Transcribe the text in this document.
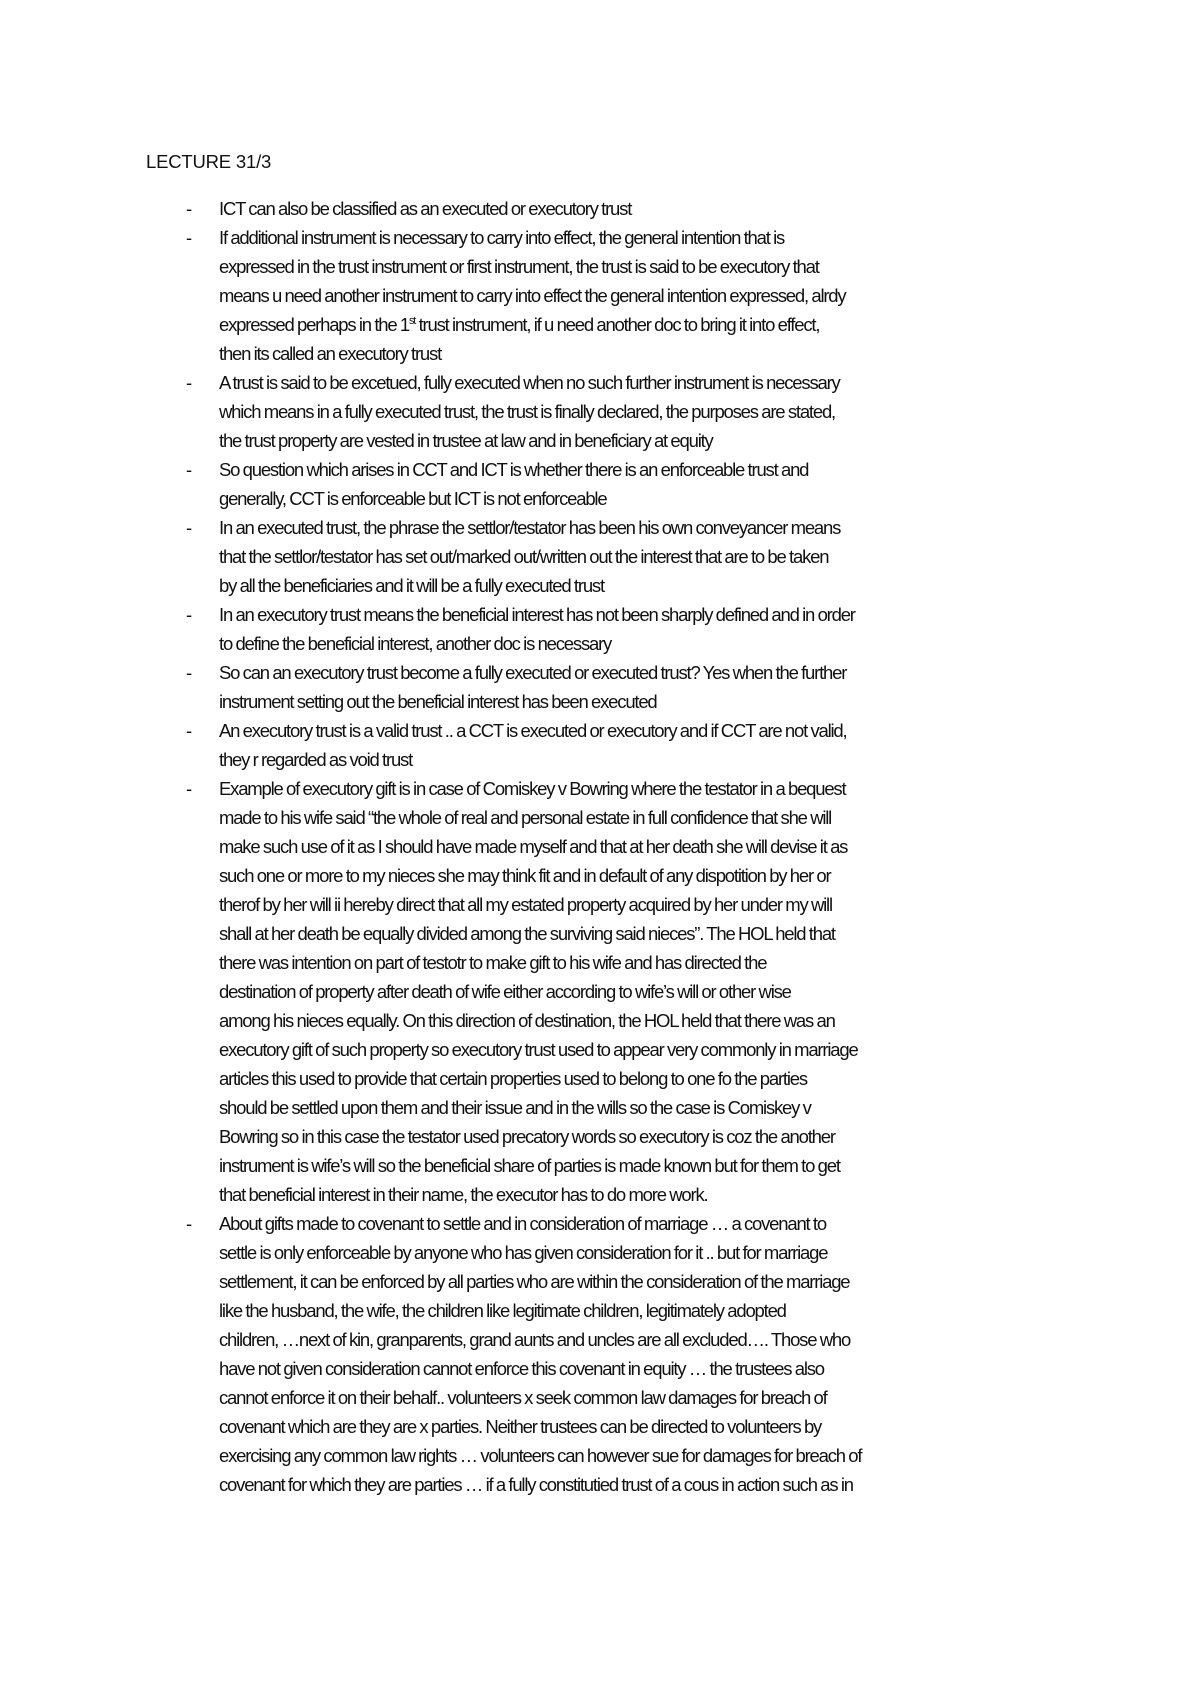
LECTURE 31/3
- ICT can also be classified as an executed or executory trust
- If additional instrument is necessary to carry into effect, the general intention that is
expressed in the trust instrument or first instrument, the trust is said to be executory that
means u need another instrument to carry into effect the general intention expressed, alrdy
expressed perhaps in the 1st trust instrument, if u need another doc to bring it into effect,
then its called an executory trust
- A trust is said to be excetued, fully executed when no such further instrument is necessary
which means in a fully executed trust, the trust is finally declared, the purposes are stated,
the trust property are vested in trustee at law and in beneficiary at equity
- So question which arises in CCT and ICT is whether there is an enforceable trust and
generally, CCT is enforceable but ICT is not enforceable
- In an executed trust, the phrase the settlor/testator has been his own conveyancer means
that the settlor/testator has set out/marked out/written out the interest that are to be taken
by all the beneficiaries and it will be a fully executed trust
- In an executory trust means the beneficial interest has not been sharply defined and in order
to define the beneficial interest, another doc is necessary
- So can an executory trust become a fully executed or executed trust? Yes when the further
instrument setting out the beneficial interest has been executed
- An executory trust is a valid trust .. a CCT is executed or executory and if CCT are not valid,
they r regarded as void trust
- Example of executory gift is in case of Comiskey v Bowring where the testator in a bequest
made to his wife said “the whole of real and personal estate in full confidence that she will
make such use of it as I should have made myself and that at her death she will devise it as
such one or more to my nieces she may think fit and in default of any dispotition by her or
therof by her will ii hereby direct that all my estated property acquired by her under my will
shall at her death be equally divided among the surviving said nieces”. The HOL held that
there was intention on part of testotr to make gift to his wife and has directed the
destination of property after death of wife either according to wife’s will or other wise
among his nieces equally. On this direction of destination, the HOL held that there was an
executory gift of such property so executory trust used to appear very commonly in marriage
articles this used to provide that certain properties used to belong to one fo the parties
should be settled upon them and their issue and in the wills so the case is Comiskey v
Bowring so in this case the testator used precatory words so executory is coz the another
instrument is wife’s will so the beneficial share of parties is made known but for them to get
that beneficial interest in their name, the executor has to do more work.
- About gifts made to covenant to settle and in consideration of marriage … a covenant to
settle is only enforceable by anyone who has given consideration for it .. but for marriage
settlement, it can be enforced by all parties who are within the consideration of the marriage
like the husband, the wife, the children like legitimate children, legitimately adopted
children, …next of kin, granparents, grand aunts and uncles are all excluded…. Those who
have not given consideration cannot enforce this covenant in equity … the trustees also
cannot enforce it on their behalf.. volunteers x seek common law damages for breach of
covenant which are they are x parties. Neither trustees can be directed to volunteers by
exercising any common law rights … volunteers can however sue for damages for breach of
covenant for which they are parties … if a fully constitutied trust of a cous in action such as in
